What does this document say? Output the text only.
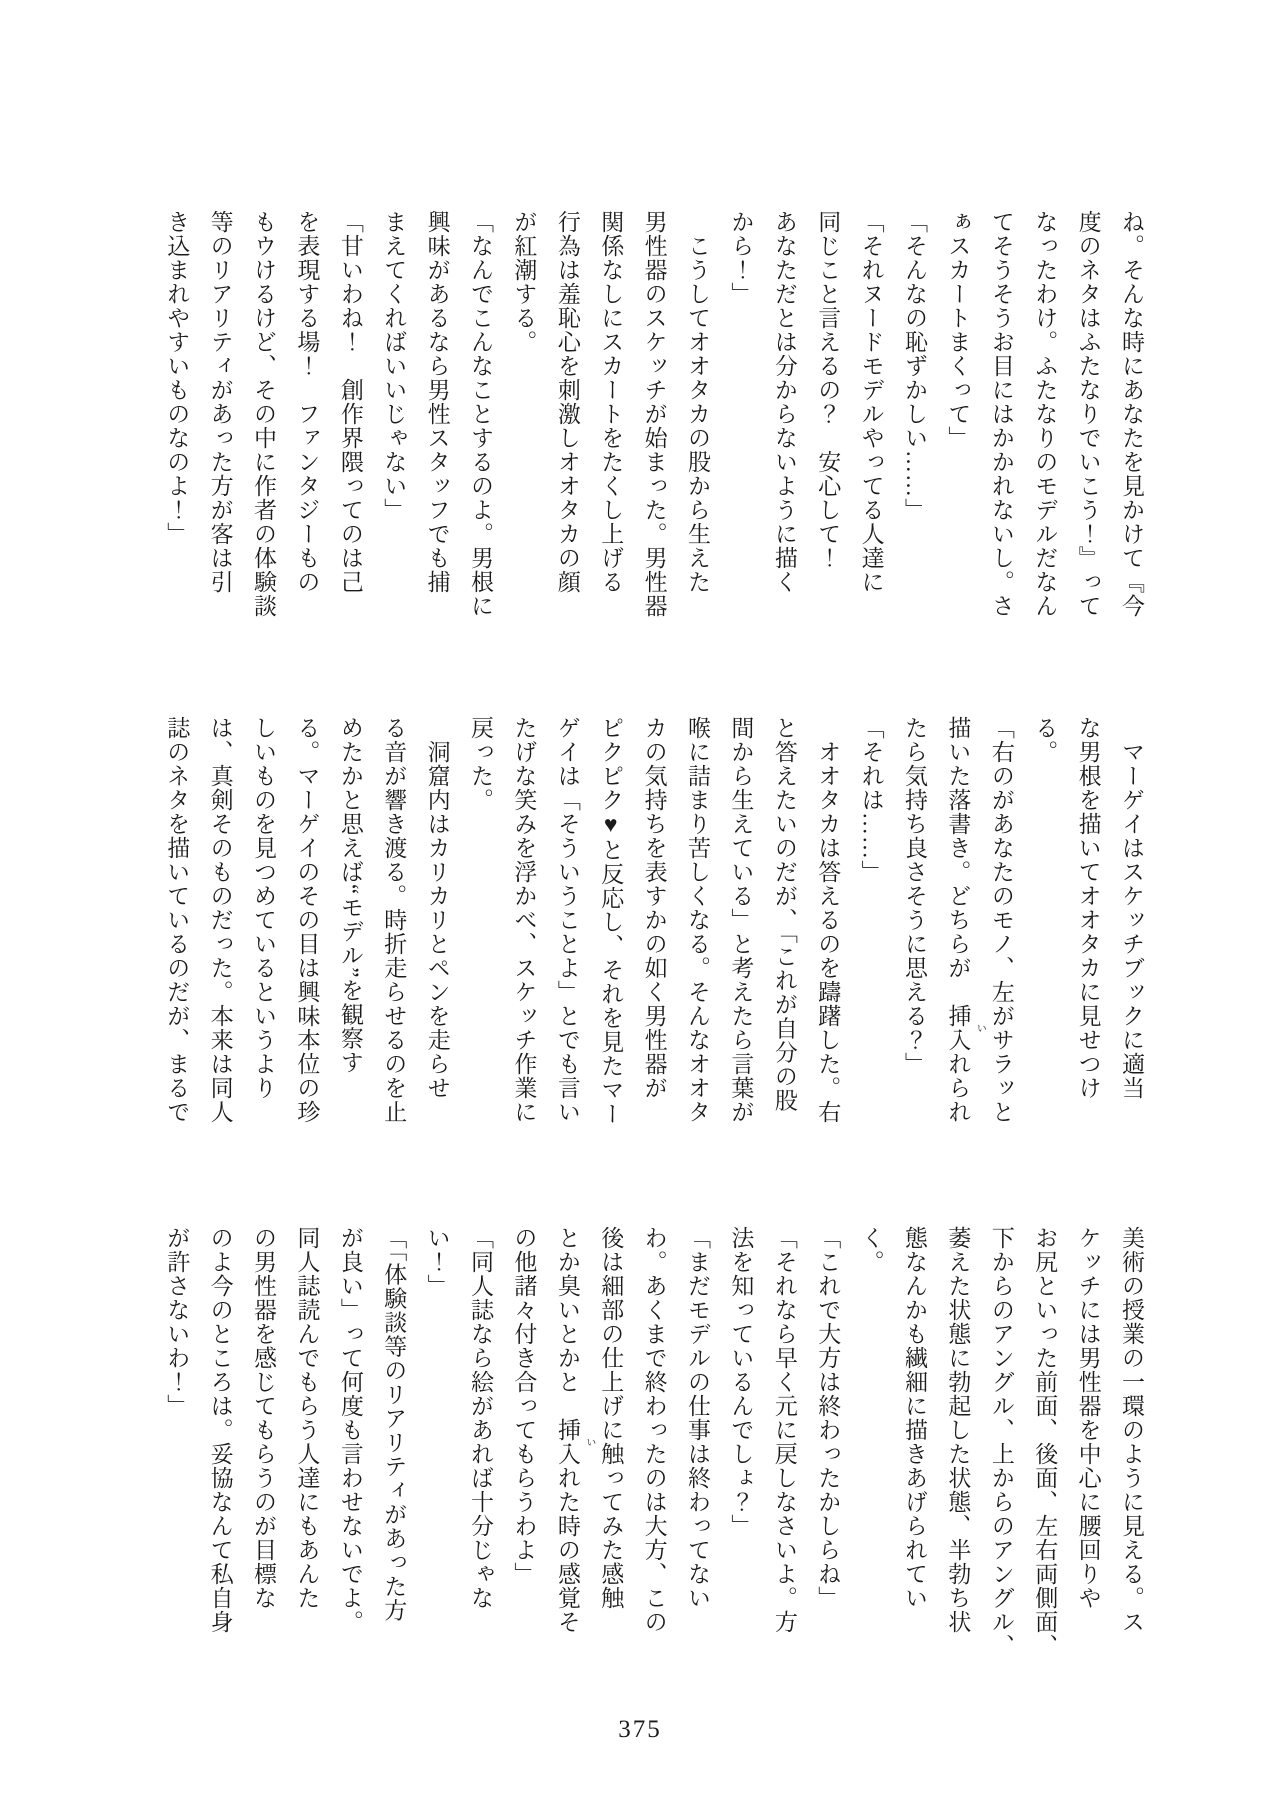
ね。そんな時にあなたを見かけて『今
度のネタはふたなりでいこう！』って
なったわけ。ふたなりのモデルだなん
てそうそうお目にはかかれないし。さ
ぁスカートまくって」
「そんなの恥ずかしい……」
「それヌードモデルやってる人達に
同じこと言えるの？　安心して！
あなただとは分からないように描く
から！」
こうしてオオタカの股から生えた
男性器のスケッチが始まった。男性器
関係なしにスカートをたくし上げる
行為は羞恥心を刺激しオオタカの顔
が紅潮する。
「なんでこんなことするのよ。男根に
興味があるなら男性スタッフでも捕
まえてくればいいじゃない」
「甘いわね！　創作界隈ってのは己
を表現する場！　ファンタジーもの
もウけるけど、その中に作者の体験談
等のリアリティがあった方が客は引
き込まれやすいものなのよ！」
マーゲイはスケッチブックに適当
な男根を描いてオオタカに見せつけ
る。
「右のがあなたのモノ、左がサラッと
描いた落書き。どちらが　挿入 い
れられ
たら気持ち良さそうに思える？」
「それは……」
オオタカは答えるのを躊躇した。右
と答えたいのだが、「これが自分の股
間から生えている」と考えたら言葉が
喉に詰まり苦しくなる。そんなオオタ
カの気持ちを表すかの如く男性器が
ピクピク♥と反応し、それを見たマー
ゲイは「そういうことよ」とでも言い
たげな笑みを浮かべ、スケッチ作業に
戻った。
洞窟内はカリカリとペンを走らせ
る音が響き渡る。時折走らせるのを止
めたかと思えば“モデル”を観察す
る。マーゲイのその目は興味本位の珍
しいものを見つめているというより
は、真剣そのものだった。本来は同人
誌のネタを描いているのだが、まるで
美術の授業の一環のように見える。ス
ケッチには男性器を中心に腰回りや
お尻といった前面、後面、左右両側面、
下からのアングル、上からのアングル、
萎えた状態に勃起した状態、半勃ち状
態なんかも繊細に描きあげられてい
く。
「これで大方は終わったかしらね」
「それなら早く元に戻しなさいよ。方
法を知っているんでしょ？」
「まだモデルの仕事は終わってない
わ。あくまで終わったのは大方、この
後は細部の仕上げに触ってみた感触
とか臭いとかと　挿入 い
れた時の感覚そ
の他諸々付き合ってもらうわよ」
「同人誌なら絵があれば十分じゃな
い！」
「「体験談等のリアリティがあった方
が良い」って何度も言わせないでよ。
同人誌読んでもらう人達にもあんた
の男性器を感じてもらうのが目標な
のよ今のところは。妥協なんて私自身
が許さないわ！」
375
